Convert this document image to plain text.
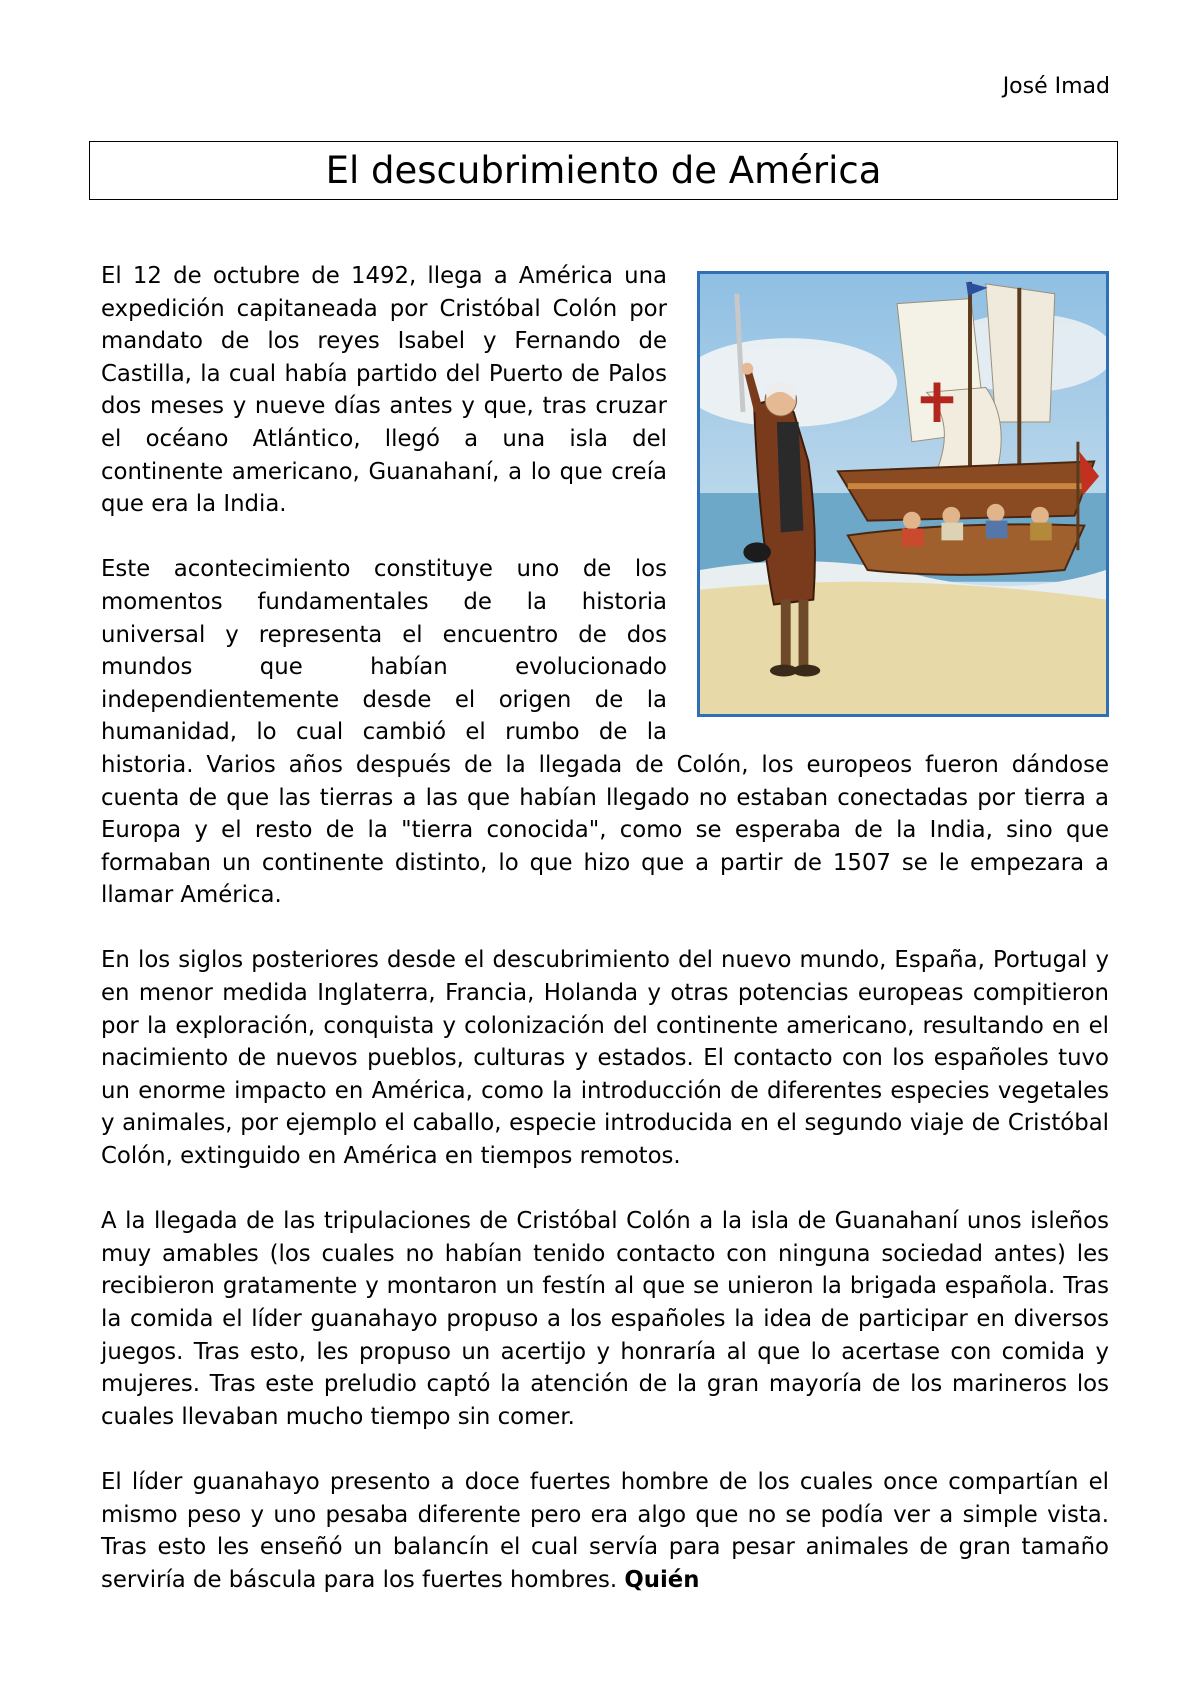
José Imad
El descubrimiento de América

El 12 de octubre de 1492, llega a América una expedición capitaneada por Cristóbal Colón por mandato de los reyes Isabel y Fernando de Castilla, la cual había partido del Puerto de Palos dos meses y nueve días antes y que, tras cruzar el océano Atlántico, llegó a una isla del continente americano, Guanahaní, a lo que creía que era la India.

Este acontecimiento constituye uno de los momentos fundamentales de la historia universal y representa el encuentro de dos mundos que habían evolucionado independientemente desde el origen de la humanidad, lo cual cambió el rumbo de la historia. Varios años después de la llegada de Colón, los europeos fueron dándose cuenta de que las tierras a las que habían llegado no estaban conectadas por tierra a Europa y el resto de la "tierra conocida", como se esperaba de la India, sino que formaban un continente distinto, lo que hizo que a partir de 1507 se le empezara a llamar América.

En los siglos posteriores desde el descubrimiento del nuevo mundo, España, Portugal y en menor medida Inglaterra, Francia, Holanda y otras potencias europeas compitieron por la exploración, conquista y colonización del continente americano, resultando en el nacimiento de nuevos pueblos, culturas y estados. El contacto con los españoles tuvo un enorme impacto en América, como la introducción de diferentes especies vegetales y animales, por ejemplo el caballo, especie introducida en el segundo viaje de Cristóbal Colón, extinguido en América en tiempos remotos.

A la llegada de las tripulaciones de Cristóbal Colón a la isla de Guanahaní unos isleños muy amables (los cuales no habían tenido contacto con ninguna sociedad antes) les recibieron gratamente y montaron un festín al que se unieron la brigada española. Tras la comida el líder guanahayo propuso a los españoles la idea de participar en diversos juegos. Tras esto, les propuso un acertijo y honraría al que lo acertase con comida y mujeres. Tras este preludio captó la atención de la gran mayoría de los marineros los cuales llevaban mucho tiempo sin comer.

El líder guanahayo presento a doce fuertes hombre de los cuales once compartían el mismo peso y uno pesaba diferente pero era algo que no se podía ver a simple vista. Tras esto les enseñó un balancín el cual servía para pesar animales de gran tamaño serviría de báscula para los fuertes hombres. Quién
